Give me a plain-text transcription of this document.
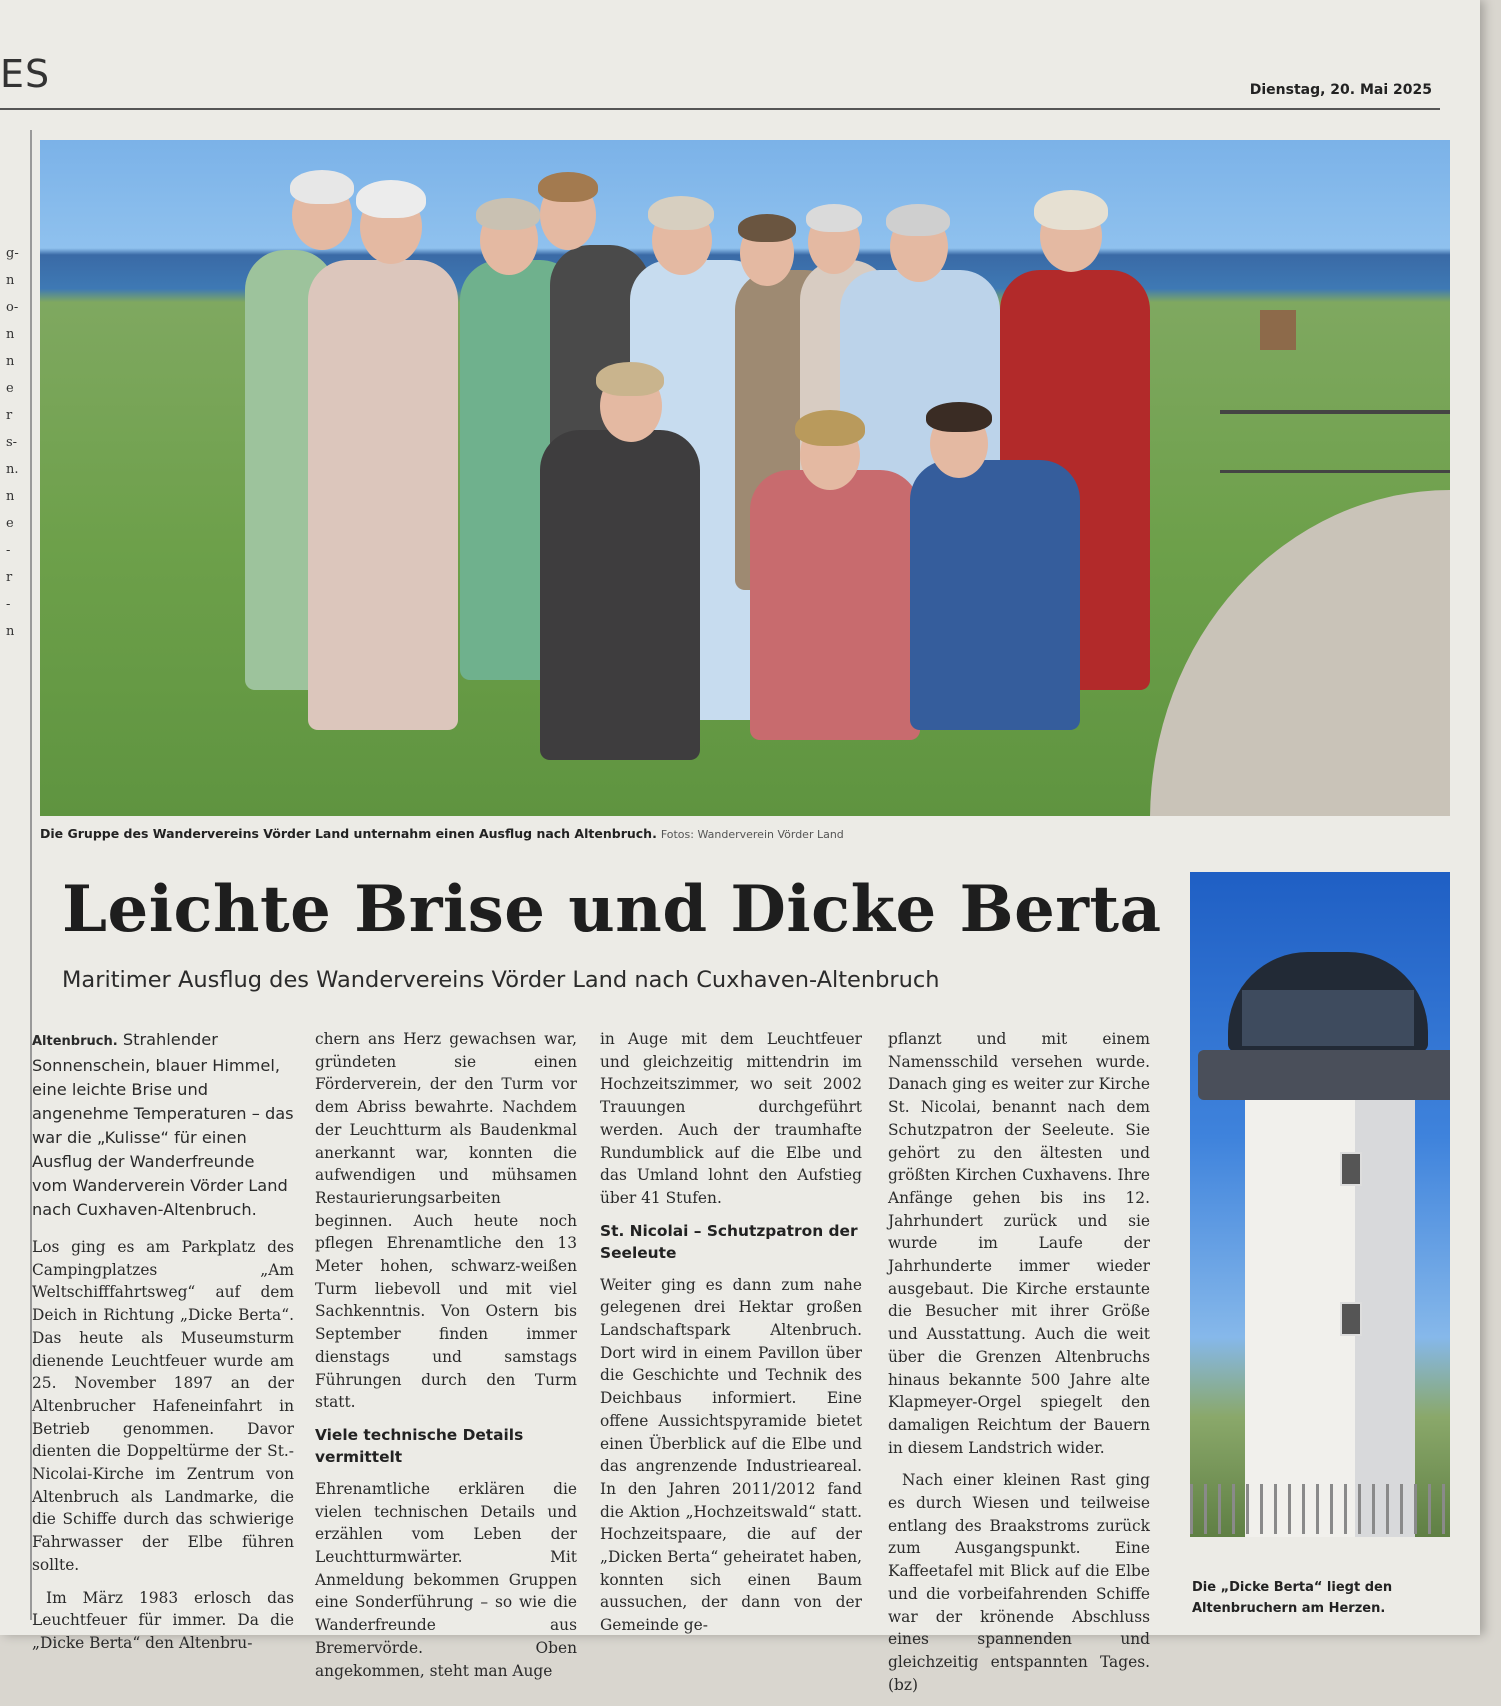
ES	Dienstag, 20. Mai 2025
g-
n
o-
n
n
e
r
s-
n.
n
e
-
r
-
n
Die Gruppe des Wandervereins Vörder Land unternahm einen Ausflug nach Altenbruch. Fotos: Wanderverein Vörder Land
Leichte Brise und Dicke Berta
Maritimer Ausflug des Wandervereins Vörder Land nach Cuxhaven-Altenbruch

Altenbruch. Strahlender Sonnenschein, blauer Himmel, eine leichte Brise und angenehme Temperaturen – das war die „Kulisse“ für einen Ausflug der Wanderfreunde vom Wanderverein Vörder Land nach Cuxhaven-Altenbruch.

Los ging es am Parkplatz des Campingplatzes „Am Weltschifffahrtsweg“ auf dem Deich in Richtung „Dicke Berta“. Das heute als Museumsturm dienende Leuchtfeuer wurde am 25. November 1897 an der Altenbrucher Hafeneinfahrt in Betrieb genommen. Davor dienten die Doppeltürme der St.-Nicolai-Kirche im Zentrum von Altenbruch als Landmarke, die die Schiffe durch das schwierige Fahrwasser der Elbe führen sollte.

Im März 1983 erlosch das Leuchtfeuer für immer. Da die „Dicke Berta“ den Altenbru-

chern ans Herz gewachsen war, gründeten sie einen Förderverein, der den Turm vor dem Abriss bewahrte. Nachdem der Leuchtturm als Baudenkmal anerkannt war, konnten die aufwendigen und mühsamen Restaurierungsarbeiten beginnen. Auch heute noch pflegen Ehrenamtliche den 13 Meter hohen, schwarz-weißen Turm liebevoll und mit viel Sachkenntnis. Von Ostern bis September finden immer dienstags und samstags Führungen durch den Turm statt.

Viele technische Details vermittelt

Ehrenamtliche erklären die vielen technischen Details und erzählen vom Leben der Leuchtturmwärter. Mit Anmeldung bekommen Gruppen eine Sonderführung – so wie die Wanderfreunde aus Bremervörde. Oben angekommen, steht man Auge

in Auge mit dem Leuchtfeuer und gleichzeitig mittendrin im Hochzeitszimmer, wo seit 2002 Trauungen durchgeführt werden. Auch der traumhafte Rundumblick auf die Elbe und das Umland lohnt den Aufstieg über 41 Stufen.

St. Nicolai – Schutzpatron der Seeleute

Weiter ging es dann zum nahe gelegenen drei Hektar großen Landschaftspark Altenbruch. Dort wird in einem Pavillon über die Geschichte und Technik des Deichbaus informiert. Eine offene Aussichtspyramide bietet einen Überblick auf die Elbe und das angrenzende Industrieareal. In den Jahren 2011/2012 fand die Aktion „Hochzeitswald“ statt. Hochzeitspaare, die auf der „Dicken Berta“ geheiratet haben, konnten sich einen Baum aussuchen, der dann von der Gemeinde ge-

pflanzt und mit einem Namensschild versehen wurde. Danach ging es weiter zur Kirche St. Nicolai, benannt nach dem Schutzpatron der Seeleute. Sie gehört zu den ältesten und größten Kirchen Cuxhavens. Ihre Anfänge gehen bis ins 12. Jahrhundert zurück und sie wurde im Laufe der Jahrhunderte immer wieder ausgebaut. Die Kirche erstaunte die Besucher mit ihrer Größe und Ausstattung. Auch die weit über die Grenzen Altenbruchs hinaus bekannte 500 Jahre alte Klapmeyer-Orgel spiegelt den damaligen Reichtum der Bauern in diesem Landstrich wider.

Nach einer kleinen Rast ging es durch Wiesen und teilweise entlang des Braakstroms zurück zum Ausgangspunkt. Eine Kaffeetafel mit Blick auf die Elbe und die vorbeifahrenden Schiffe war der krönende Abschluss eines spannenden und gleichzeitig entspannten Tages. (bz)

Die „Dicke Berta“ liegt den Altenbruchern am Herzen.
